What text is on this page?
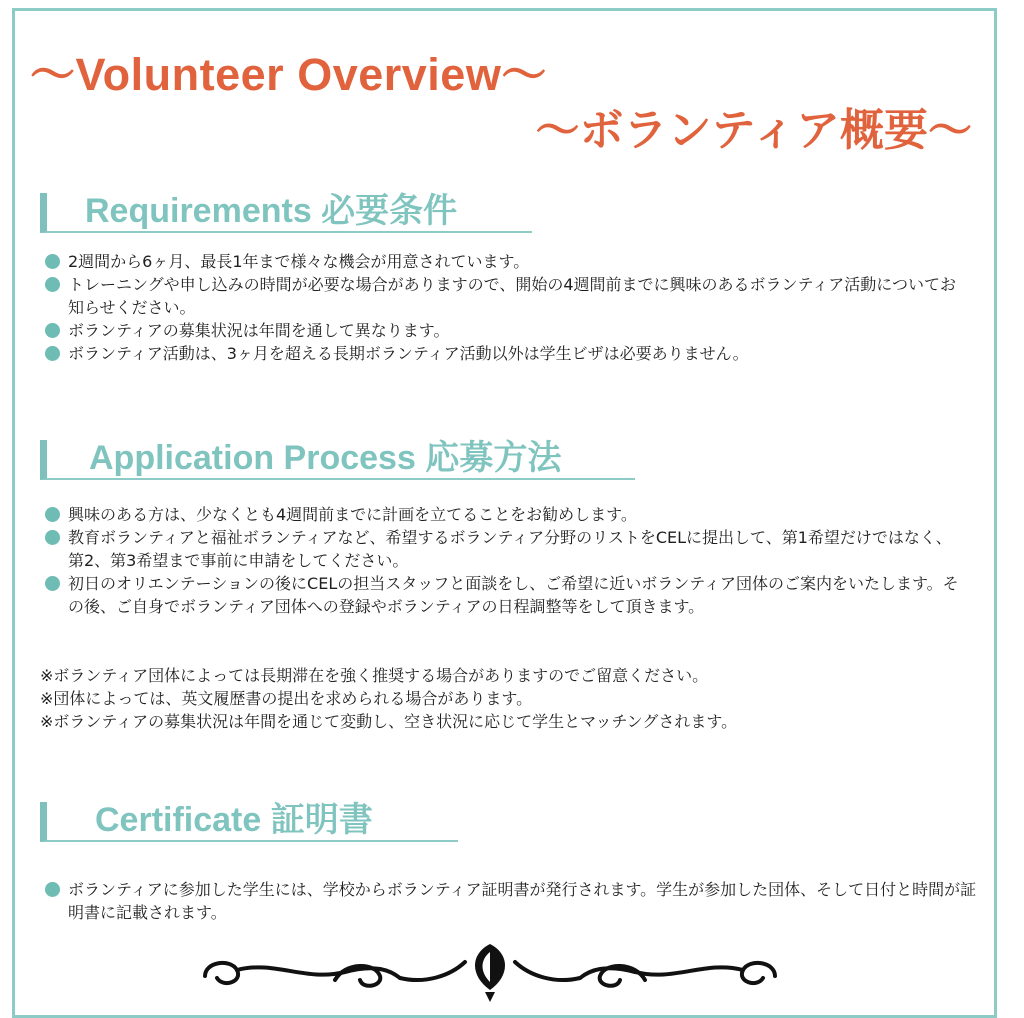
～Volunteer Overview～
～ボランティア概要～
Requirements 必要条件
2週間から6ヶ月、最長1年まで様々な機会が用意されています。
トレーニングや申し込みの時間が必要な場合がありますので、開始の4週間前までに興味のあるボランティア活動についてお知らせください。
ボランティアの募集状況は年間を通して異なります。
ボランティア活動は、3ヶ月を超える長期ボランティア活動以外は学生ビザは必要ありません。
Application Process 応募方法
興味のある方は、少なくとも4週間前までに計画を立てることをお勧めします。
教育ボランティアと福祉ボランティアなど、希望するボランティア分野のリストをCELに提出して、第1希望だけではなく、第2、第3希望まで事前に申請をしてください。
初日のオリエンテーションの後にCELの担当スタッフと面談をし、ご希望に近いボランティア団体のご案内をいたします。その後、ご自身でボランティア団体への登録やボランティアの日程調整等をして頂きます。
※ボランティア団体によっては長期滞在を強く推奨する場合がありますのでご留意ください。
※団体によっては、英文履歴書の提出を求められる場合があります。
※ボランティアの募集状況は年間を通じて変動し、空き状況に応じて学生とマッチングされます。
Certificate 証明書
ボランティアに参加した学生には、学校からボランティア証明書が発行されます。学生が参加した団体、そして日付と時間が証明書に記載されます。
